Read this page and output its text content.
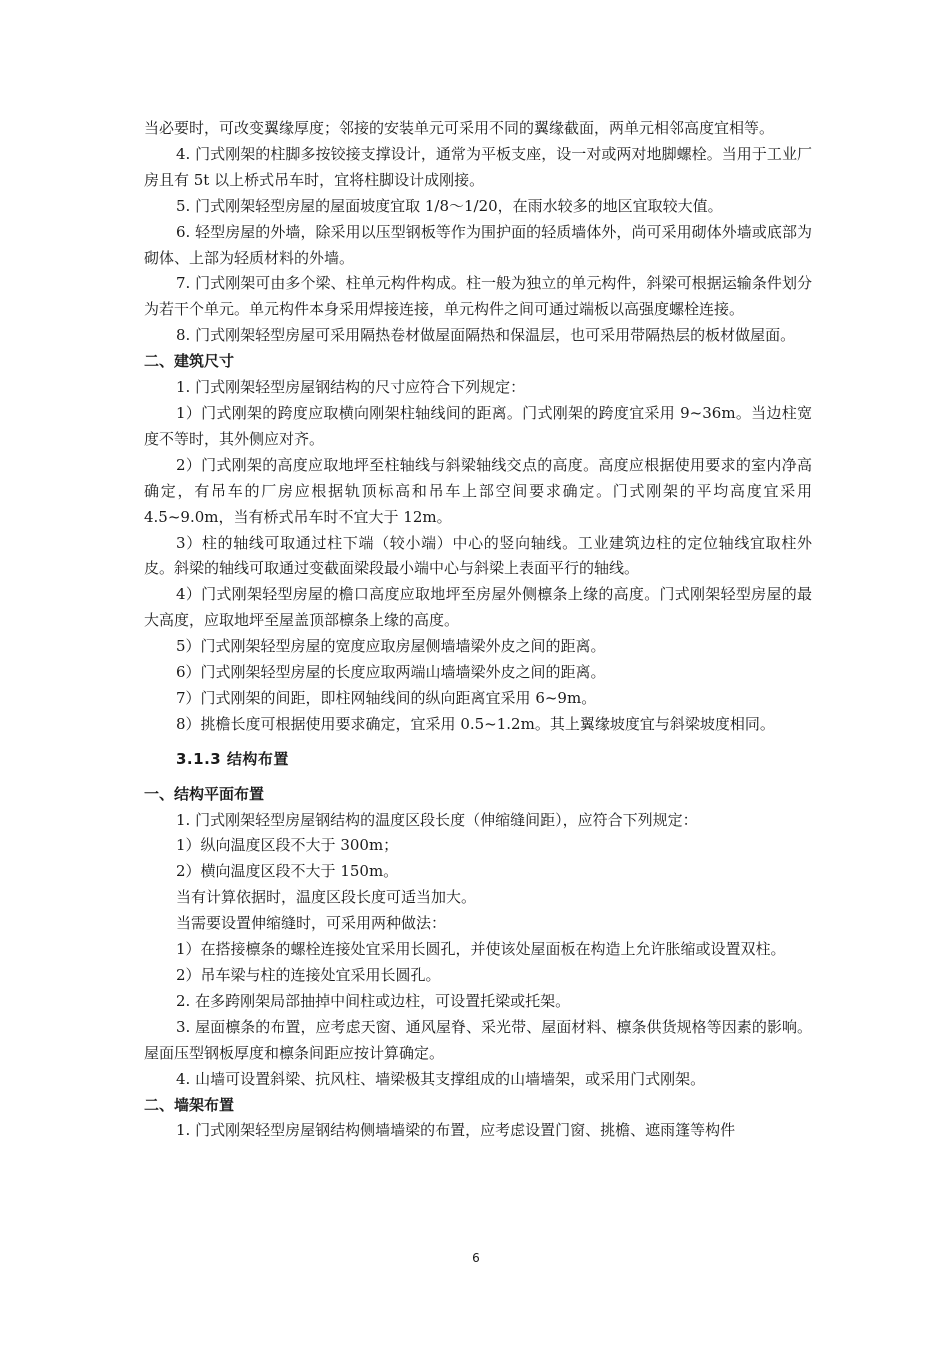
当必要时，可改变翼缘厚度；邻接的安装单元可采用不同的翼缘截面，两单元相邻高度宜相等。

4. 门式刚架的柱脚多按铰接支撑设计，通常为平板支座，设一对或两对地脚螺栓。当用于工业厂房且有 5t 以上桥式吊车时，宜将柱脚设计成刚接。

5. 门式刚架轻型房屋的屋面坡度宜取 1/8～1/20，在雨水较多的地区宜取较大值。

6. 轻型房屋的外墙，除采用以压型钢板等作为围护面的轻质墙体外，尚可采用砌体外墙或底部为砌体、上部为轻质材料的外墙。

7. 门式刚架可由多个梁、柱单元构件构成。柱一般为独立的单元构件，斜梁可根据运输条件划分为若干个单元。单元构件本身采用焊接连接，单元构件之间可通过端板以高强度螺栓连接。

8. 门式刚架轻型房屋可采用隔热卷材做屋面隔热和保温层，也可采用带隔热层的板材做屋面。

二、建筑尺寸

1. 门式刚架轻型房屋钢结构的尺寸应符合下列规定：

1）门式刚架的跨度应取横向刚架柱轴线间的距离。门式刚架的跨度宜采用 9~36m。当边柱宽度不等时，其外侧应对齐。

2）门式刚架的高度应取地坪至柱轴线与斜梁轴线交点的高度。高度应根据使用要求的室内净高确定，有吊车的厂房应根据轨顶标高和吊车上部空间要求确定。门式刚架的平均高度宜采用 4.5~9.0m，当有桥式吊车时不宜大于 12m。

3）柱的轴线可取通过柱下端（较小端）中心的竖向轴线。工业建筑边柱的定位轴线宜取柱外皮。斜梁的轴线可取通过变截面梁段最小端中心与斜梁上表面平行的轴线。

4）门式刚架轻型房屋的檐口高度应取地坪至房屋外侧檩条上缘的高度。门式刚架轻型房屋的最大高度，应取地坪至屋盖顶部檩条上缘的高度。

5）门式刚架轻型房屋的宽度应取房屋侧墙墙梁外皮之间的距离。

6）门式刚架轻型房屋的长度应取两端山墙墙梁外皮之间的距离。

7）门式刚架的间距，即柱网轴线间的纵向距离宜采用 6~9m。

8）挑檐长度可根据使用要求确定，宜采用 0.5~1.2m。其上翼缘坡度宜与斜梁坡度相同。

3.1.3 结构布置

一、结构平面布置

1. 门式刚架轻型房屋钢结构的温度区段长度（伸缩缝间距），应符合下列规定：

1）纵向温度区段不大于 300m；

2）横向温度区段不大于 150m。

当有计算依据时，温度区段长度可适当加大。

当需要设置伸缩缝时，可采用两种做法：

1）在搭接檩条的螺栓连接处宜采用长圆孔，并使该处屋面板在构造上允许胀缩或设置双柱。

2）吊车梁与柱的连接处宜采用长圆孔。

2. 在多跨刚架局部抽掉中间柱或边柱，可设置托梁或托架。

3. 屋面檩条的布置，应考虑天窗、通风屋脊、采光带、屋面材料、檩条供货规格等因素的影响。屋面压型钢板厚度和檩条间距应按计算确定。

4. 山墙可设置斜梁、抗风柱、墙梁极其支撑组成的山墙墙架，或采用门式刚架。

二、墙架布置

1. 门式刚架轻型房屋钢结构侧墙墙梁的布置，应考虑设置门窗、挑檐、遮雨篷等构件

6
